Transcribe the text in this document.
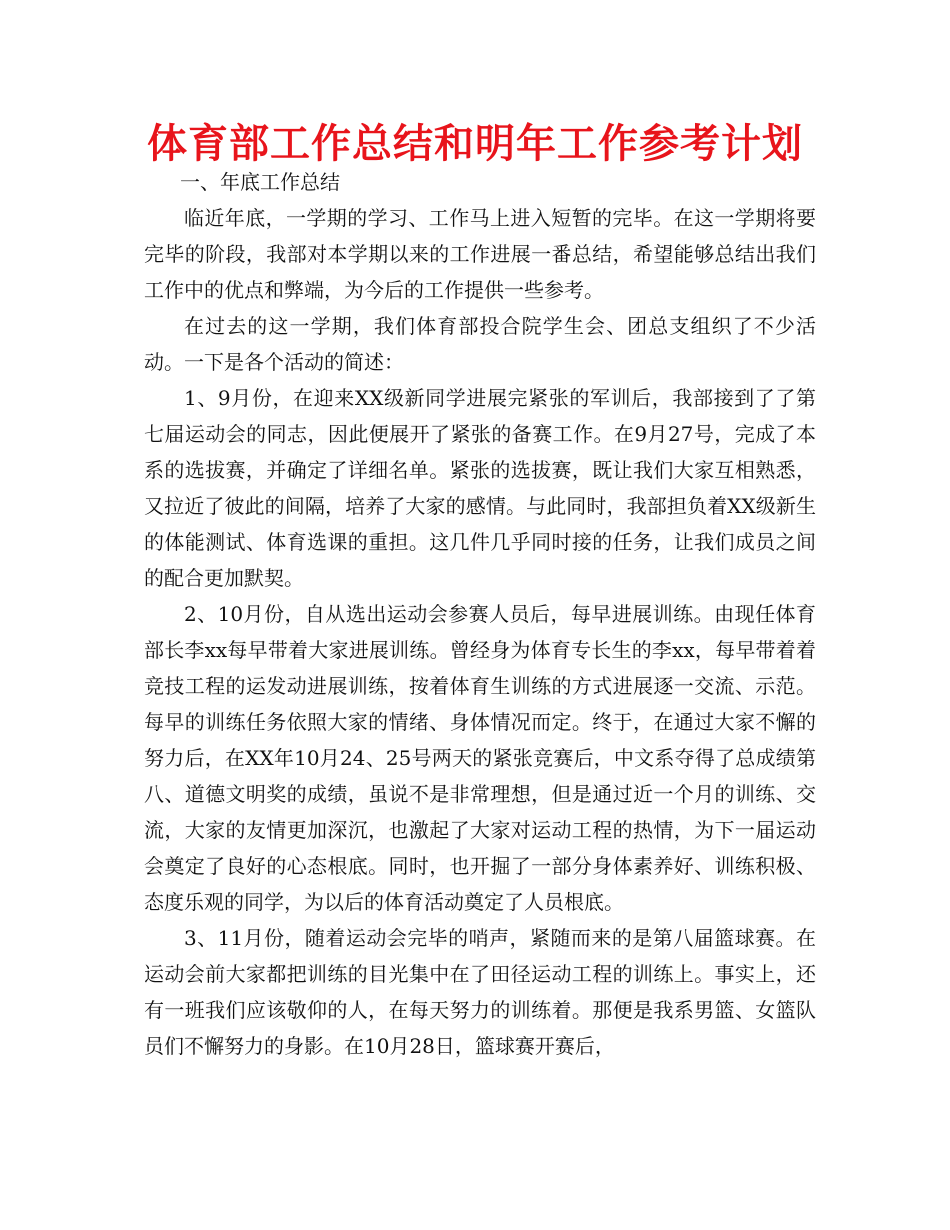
体育部工作总结和明年工作参考计划

一、年底工作总结

临近年底，一学期的学习、工作马上进入短暂的完毕。在这一学期将要完毕的阶段，我部对本学期以来的工作进展一番总结，希望能够总结出我们工作中的优点和弊端，为今后的工作提供一些参考。

在过去的这一学期，我们体育部投合院学生会、团总支组织了不少活动。一下是各个活动的简述：

1、9月份，在迎来XX级新同学进展完紧张的军训后，我部接到了了第七届运动会的同志，因此便展开了紧张的备赛工作。在9月27号，完成了本系的选拔赛，并确定了详细名单。紧张的选拔赛，既让我们大家互相熟悉，又拉近了彼此的间隔，培养了大家的感情。与此同时，我部担负着XX级新生的体能测试、体育选课的重担。这几件几乎同时接的任务，让我们成员之间的配合更加默契。

2、10月份，自从选出运动会参赛人员后，每早进展训练。由现任体育部长李xx每早带着大家进展训练。曾经身为体育专长生的李xx，每早带着着竞技工程的运发动进展训练，按着体育生训练的方式进展逐一交流、示范。每早的训练任务依照大家的情绪、身体情况而定。终于，在通过大家不懈的努力后，在XX年10月24、25号两天的紧张竞赛后，中文系夺得了总成绩第八、道德文明奖的成绩，虽说不是非常理想，但是通过近一个月的训练、交流，大家的友情更加深沉，也激起了大家对运动工程的热情，为下一届运动会奠定了良好的心态根底。同时，也开掘了一部分身体素养好、训练积极、态度乐观的同学，为以后的体育活动奠定了人员根底。

3、11月份，随着运动会完毕的哨声，紧随而来的是第八届篮球赛。在运动会前大家都把训练的目光集中在了田径运动工程的训练上。事实上，还有一班我们应该敬仰的人，在每天努力的训练着。那便是我系男篮、女篮队员们不懈努力的身影。在10月28日，篮球赛开赛后，
